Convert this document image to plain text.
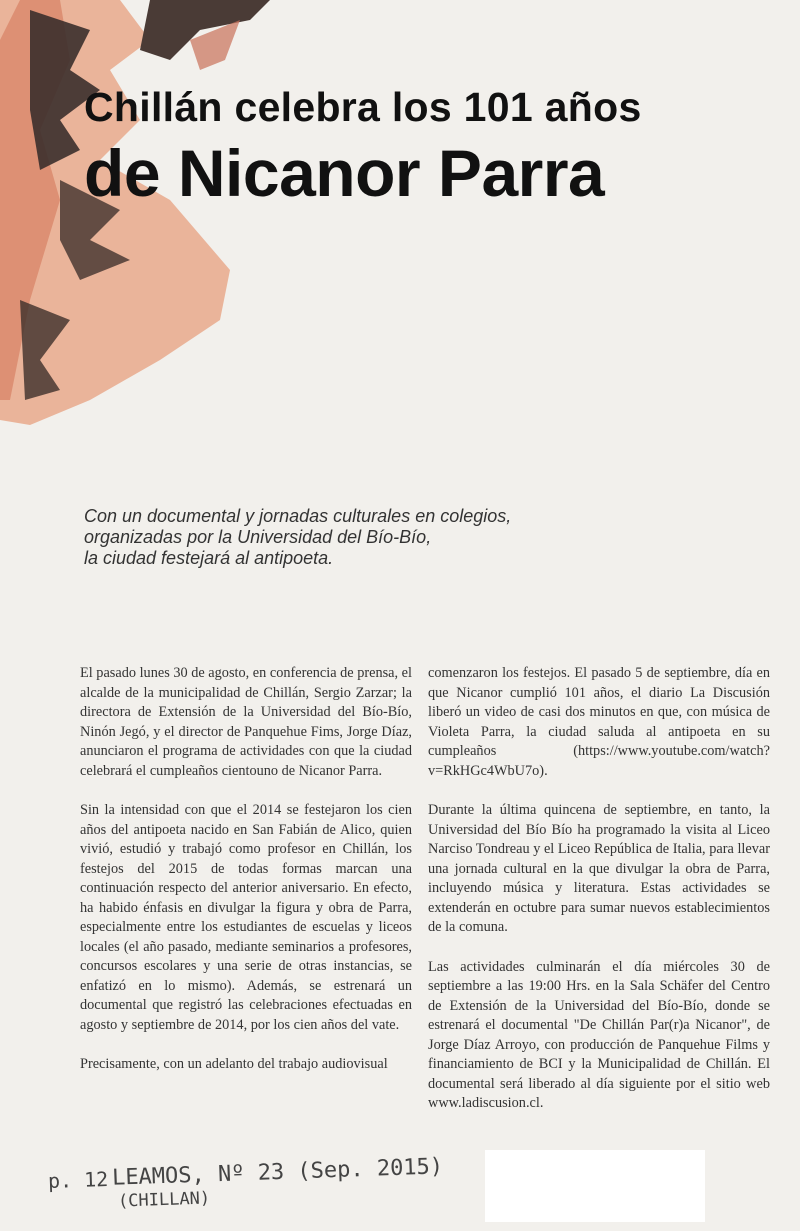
Chillán celebra los 101 años
de Nicanor Parra
Con un documental y jornadas culturales en colegios,
organizadas por la Universidad del Bío-Bío,
la ciudad festejará al antipoeta.

El pasado lunes 30 de agosto, en conferencia de prensa, el alcalde de la municipalidad de Chillán, Sergio Zarzar; la directora de Extensión de la Universidad del Bío-Bío, Ninón Jegó, y el director de Panquehue Fims, Jorge Díaz, anunciaron el programa de actividades con que la ciudad celebrará el cumpleaños cientouno de Nicanor Parra.

Sin la intensidad con que el 2014 se festejaron los cien años del antipoeta nacido en San Fabián de Alico, quien vivió, estudió y trabajó como profesor en Chillán, los festejos del 2015 de todas formas marcan una continuación respecto del anterior aniversario. En efecto, ha habido énfasis en divulgar la figura y obra de Parra, especialmente entre los estudiantes de escuelas y liceos locales (el año pasado, mediante seminarios a profesores, concursos escolares y una serie de otras instancias, se enfatizó en lo mismo). Además, se estrenará un documental que registró las celebraciones efectuadas en agosto y septiembre de 2014, por los cien años del vate.

Precisamente, con un adelanto del trabajo audiovisual

comenzaron los festejos. El pasado 5 de septiembre, día en que Nicanor cumplió 101 años, el diario La Discusión liberó un video de casi dos minutos en que, con música de Violeta Parra, la ciudad saluda al antipoeta en su cumpleaños (https://www.youtube.com/watch?v=RkHGc4WbU7o).

Durante la última quincena de septiembre, en tanto, la Universidad del Bío Bío ha programado la visita al Liceo Narciso Tondreau y el Liceo República de Italia, para llevar una jornada cultural en la que divulgar la obra de Parra, incluyendo música y literatura. Estas actividades se extenderán en octubre para sumar nuevos establecimientos de la comuna.

Las actividades culminarán el día miércoles 30 de septiembre a las 19:00 Hrs. en la Sala Schäfer del Centro de Extensión de la Universidad del Bío-Bío, donde se estrenará el documental "De Chillán Par(r)a Nicanor", de Jorge Díaz Arroyo, con producción de Panquehue Films y financiamiento de BCI y la Municipalidad de Chillán. El documental será liberado al día siguiente por el sitio web www.ladiscusion.cl.

p. 12 LEAMOS, Nº 23 (Sep. 2015)
(CHILLAN)
